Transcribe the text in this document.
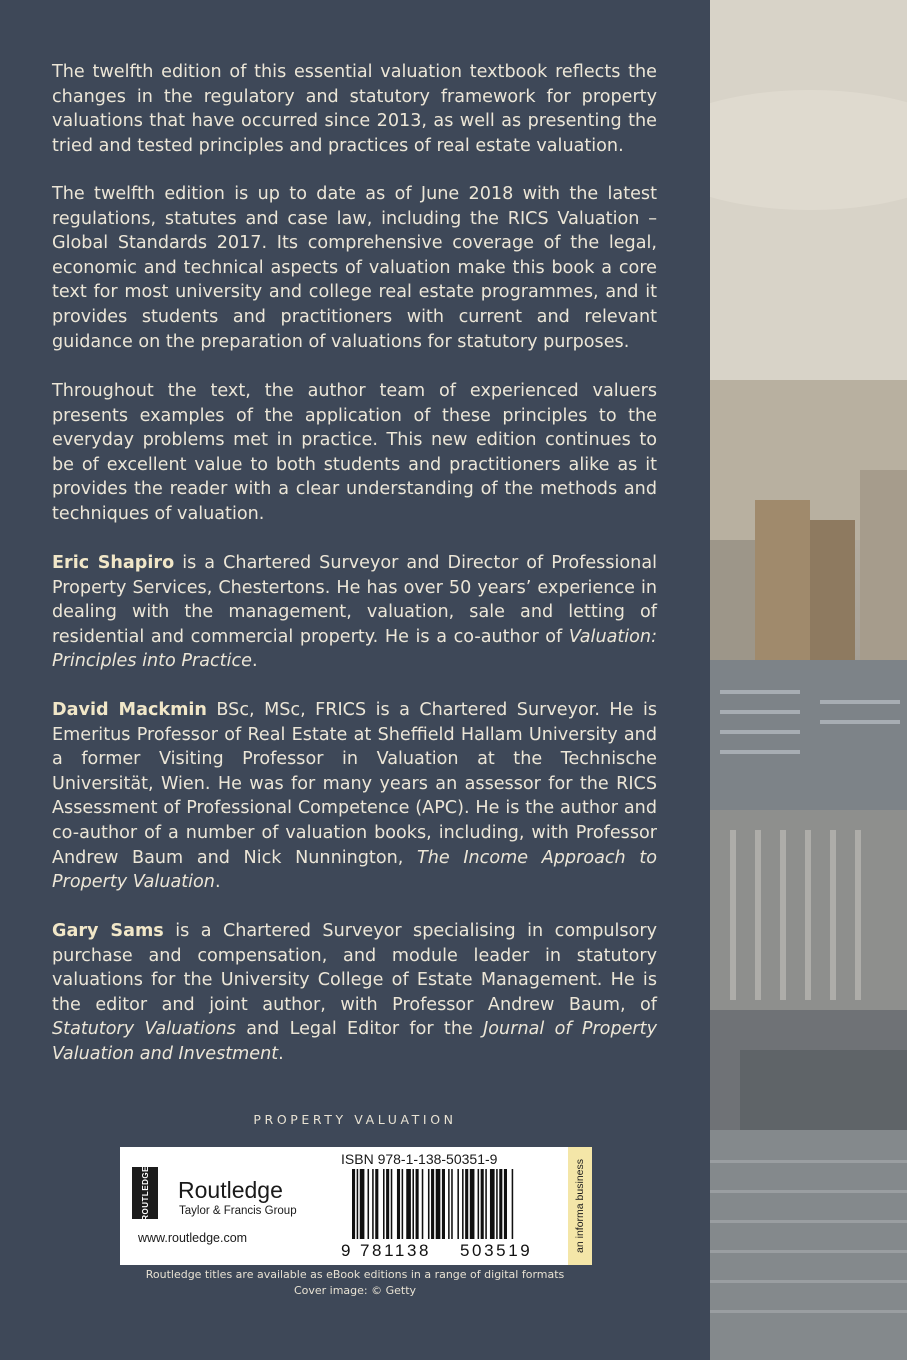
The twelfth edition of this essential valuation textbook reflects the changes in the regulatory and statutory framework for property valuations that have occurred since 2013, as well as presenting the tried and tested principles and practices of real estate valuation.

The twelfth edition is up to date as of June 2018 with the latest regulations, statutes and case law, including the RICS Valuation – Global Standards 2017. Its comprehensive coverage of the legal, economic and technical aspects of valuation make this book a core text for most university and college real estate programmes, and it provides students and practitioners with current and relevant guidance on the preparation of valuations for statutory purposes.

Throughout the text, the author team of experienced valuers presents examples of the application of these principles to the everyday problems met in practice. This new edition continues to be of excellent value to both students and practitioners alike as it provides the reader with a clear understanding of the methods and techniques of valuation.

Eric Shapiro is a Chartered Surveyor and Director of Professional Property Services, Chestertons. He has over 50 years’ experience in dealing with the management, valuation, sale and letting of residential and commercial property. He is a co-author of Valuation: Principles into Practice.

David Mackmin BSc, MSc, FRICS is a Chartered Surveyor. He is Emeritus Professor of Real Estate at Sheffield Hallam University and a former Visiting Professor in Valuation at the Technische Universität, Wien. He was for many years an assessor for the RICS Assessment of Professional Competence (APC). He is the author and co-author of a number of valuation books, including, with Professor Andrew Baum and Nick Nunnington, The Income Approach to Property Valuation.

Gary Sams is a Chartered Surveyor specialising in compulsory purchase and compensation, and module leader in statutory valuations for the University College of Estate Management. He is the editor and joint author, with Professor Andrew Baum, of Statutory Valuations and Legal Editor for the Journal of Property Valuation and Investment.

PROPERTY VALUATION
ROUTLEDGE Routledge
Taylor & Francis Group
www.routledge.com
ISBN 978-1-138-50351-9
9 781138 503519	an informa business
Routledge titles are available as eBook editions in a range of digital formats
Cover image: © Getty
